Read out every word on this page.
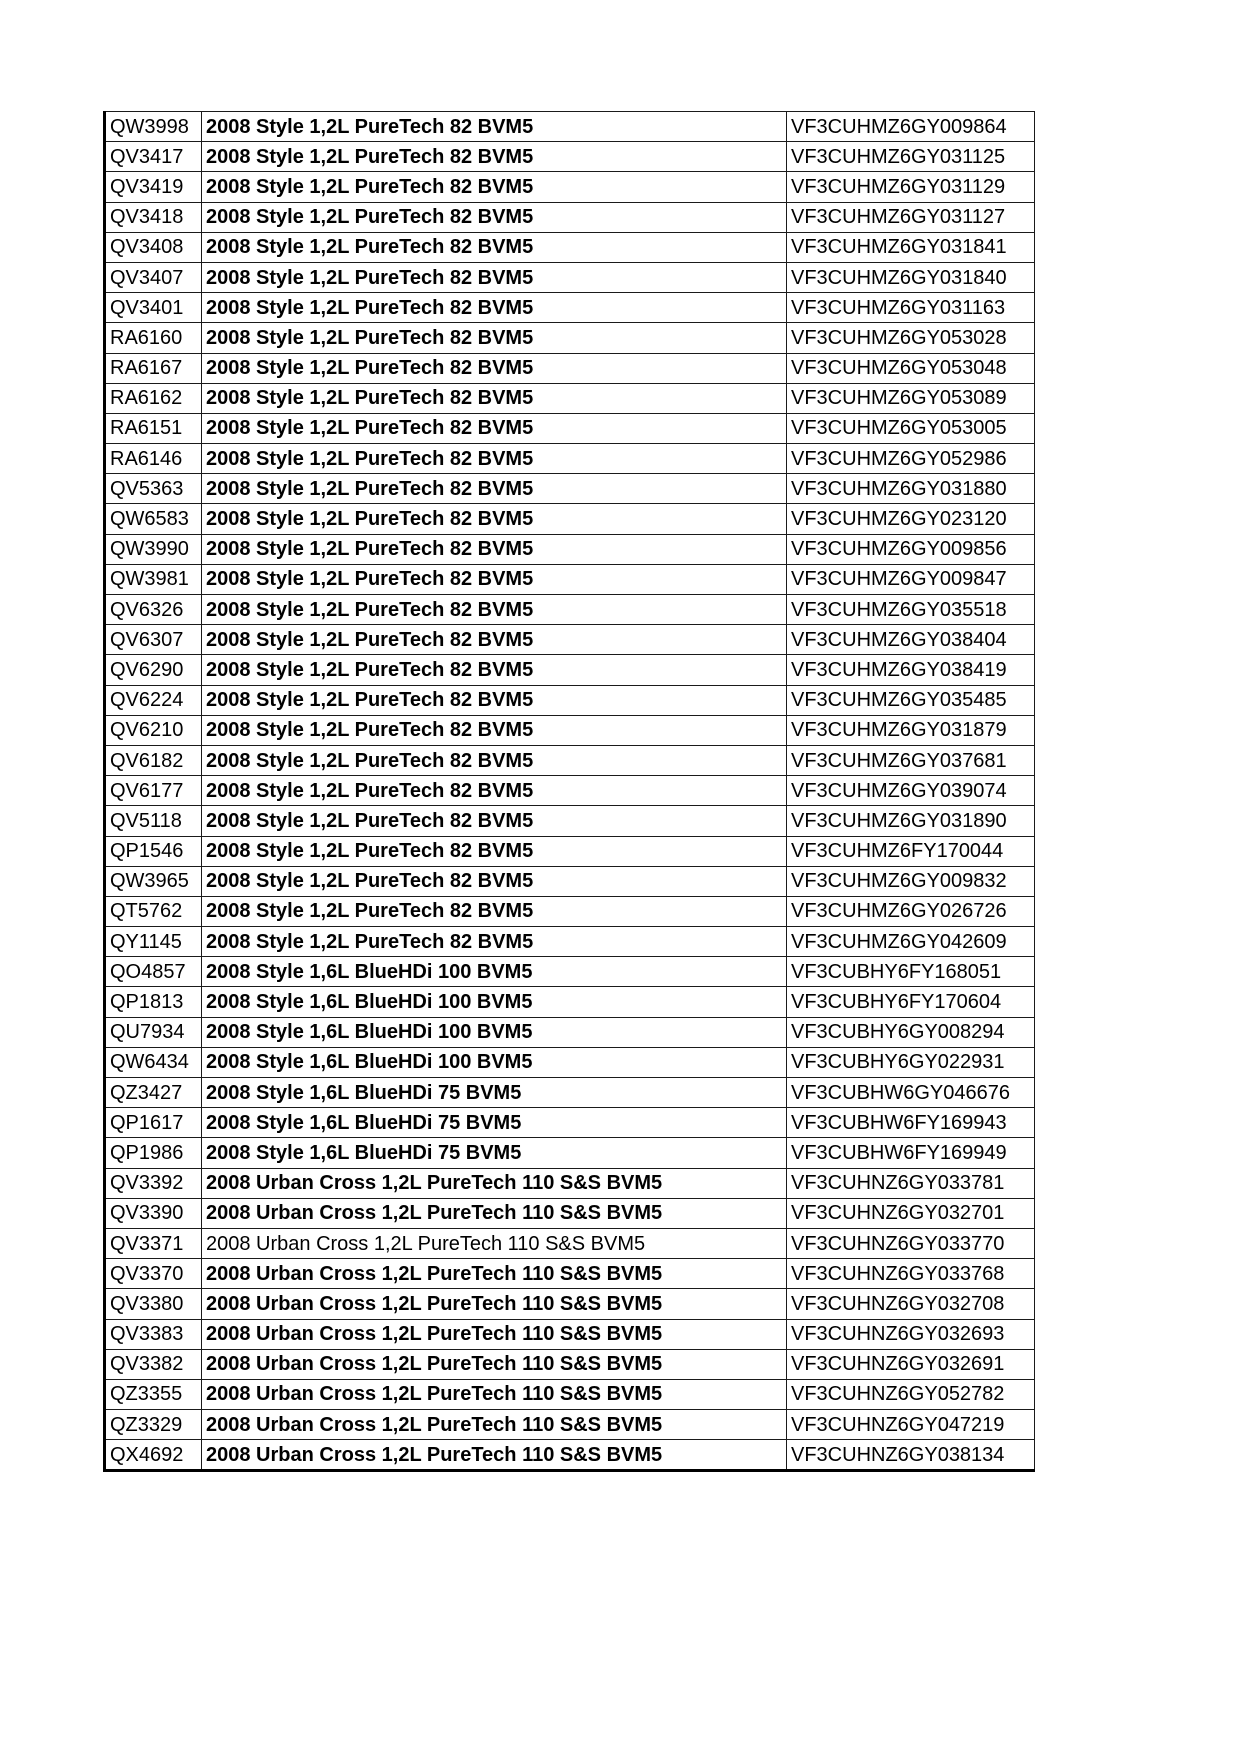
QW3998	2008 Style 1,2L PureTech 82 BVM5	VF3CUHMZ6GY009864
QV3417	2008 Style 1,2L PureTech 82 BVM5	VF3CUHMZ6GY031125
QV3419	2008 Style 1,2L PureTech 82 BVM5	VF3CUHMZ6GY031129
QV3418	2008 Style 1,2L PureTech 82 BVM5	VF3CUHMZ6GY031127
QV3408	2008 Style 1,2L PureTech 82 BVM5	VF3CUHMZ6GY031841
QV3407	2008 Style 1,2L PureTech 82 BVM5	VF3CUHMZ6GY031840
QV3401	2008 Style 1,2L PureTech 82 BVM5	VF3CUHMZ6GY031163
RA6160	2008 Style 1,2L PureTech 82 BVM5	VF3CUHMZ6GY053028
RA6167	2008 Style 1,2L PureTech 82 BVM5	VF3CUHMZ6GY053048
RA6162	2008 Style 1,2L PureTech 82 BVM5	VF3CUHMZ6GY053089
RA6151	2008 Style 1,2L PureTech 82 BVM5	VF3CUHMZ6GY053005
RA6146	2008 Style 1,2L PureTech 82 BVM5	VF3CUHMZ6GY052986
QV5363	2008 Style 1,2L PureTech 82 BVM5	VF3CUHMZ6GY031880
QW6583	2008 Style 1,2L PureTech 82 BVM5	VF3CUHMZ6GY023120
QW3990	2008 Style 1,2L PureTech 82 BVM5	VF3CUHMZ6GY009856
QW3981	2008 Style 1,2L PureTech 82 BVM5	VF3CUHMZ6GY009847
QV6326	2008 Style 1,2L PureTech 82 BVM5	VF3CUHMZ6GY035518
QV6307	2008 Style 1,2L PureTech 82 BVM5	VF3CUHMZ6GY038404
QV6290	2008 Style 1,2L PureTech 82 BVM5	VF3CUHMZ6GY038419
QV6224	2008 Style 1,2L PureTech 82 BVM5	VF3CUHMZ6GY035485
QV6210	2008 Style 1,2L PureTech 82 BVM5	VF3CUHMZ6GY031879
QV6182	2008 Style 1,2L PureTech 82 BVM5	VF3CUHMZ6GY037681
QV6177	2008 Style 1,2L PureTech 82 BVM5	VF3CUHMZ6GY039074
QV5118	2008 Style 1,2L PureTech 82 BVM5	VF3CUHMZ6GY031890
QP1546	2008 Style 1,2L PureTech 82 BVM5	VF3CUHMZ6FY170044
QW3965	2008 Style 1,2L PureTech 82 BVM5	VF3CUHMZ6GY009832
QT5762	2008 Style 1,2L PureTech 82 BVM5	VF3CUHMZ6GY026726
QY1145	2008 Style 1,2L PureTech 82 BVM5	VF3CUHMZ6GY042609
QO4857	2008 Style 1,6L BlueHDi 100 BVM5	VF3CUBHY6FY168051
QP1813	2008 Style 1,6L BlueHDi 100 BVM5	VF3CUBHY6FY170604
QU7934	2008 Style 1,6L BlueHDi 100 BVM5	VF3CUBHY6GY008294
QW6434	2008 Style 1,6L BlueHDi 100 BVM5	VF3CUBHY6GY022931
QZ3427	2008 Style 1,6L BlueHDi 75 BVM5	VF3CUBHW6GY046676
QP1617	2008 Style 1,6L BlueHDi 75 BVM5	VF3CUBHW6FY169943
QP1986	2008 Style 1,6L BlueHDi 75 BVM5	VF3CUBHW6FY169949
QV3392	2008 Urban Cross 1,2L PureTech 110 S&S BVM5	VF3CUHNZ6GY033781
QV3390	2008 Urban Cross 1,2L PureTech 110 S&S BVM5	VF3CUHNZ6GY032701
QV3371	2008 Urban Cross 1,2L PureTech 110 S&S BVM5	VF3CUHNZ6GY033770
QV3370	2008 Urban Cross 1,2L PureTech 110 S&S BVM5	VF3CUHNZ6GY033768
QV3380	2008 Urban Cross 1,2L PureTech 110 S&S BVM5	VF3CUHNZ6GY032708
QV3383	2008 Urban Cross 1,2L PureTech 110 S&S BVM5	VF3CUHNZ6GY032693
QV3382	2008 Urban Cross 1,2L PureTech 110 S&S BVM5	VF3CUHNZ6GY032691
QZ3355	2008 Urban Cross 1,2L PureTech 110 S&S BVM5	VF3CUHNZ6GY052782
QZ3329	2008 Urban Cross 1,2L PureTech 110 S&S BVM5	VF3CUHNZ6GY047219
QX4692	2008 Urban Cross 1,2L PureTech 110 S&S BVM5	VF3CUHNZ6GY038134
